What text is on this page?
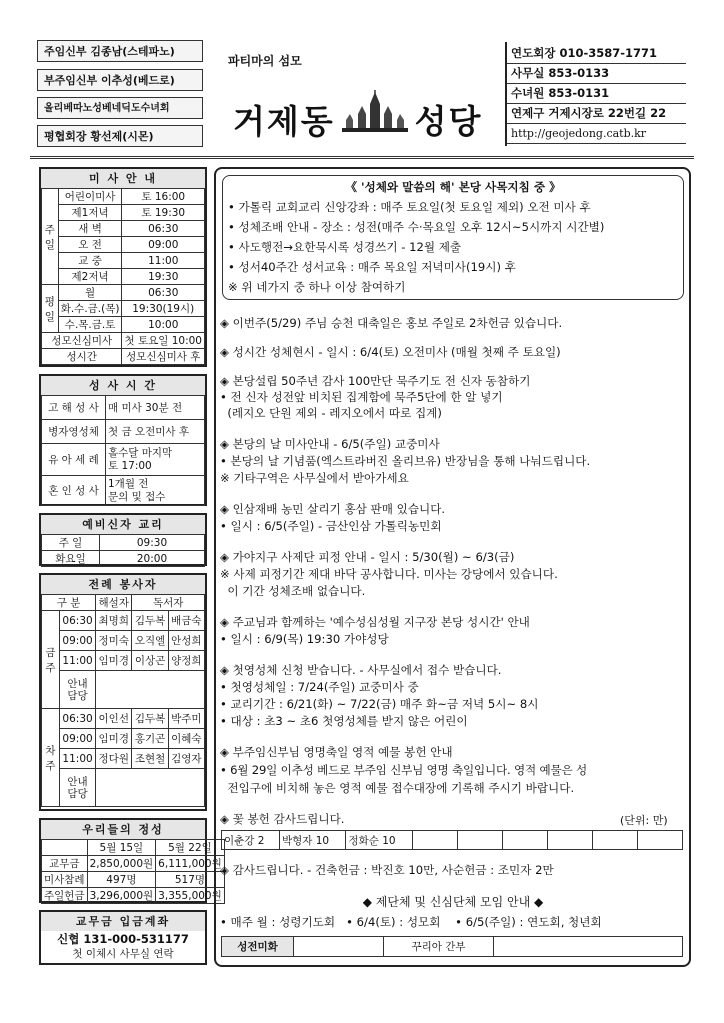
주임신부 김종남(스테파노)
부주임신부 이추성(베드로)
올리베따노성베네딕도수녀회
평협회장 황선제(시몬)
파티마의 섬모
거제동 성당
연도회장 010-3587-1771
사무실 853-0133
수녀원 853-0131
연제구 거제시장로 22번길 22
http://geojedong.catb.kr
미 사 안 내
주
일	어린이미사	토 16:00
	제1저녁	토 19:30
	새 벽	06:30
	오 전	09:00
	교 중	11:00
	제2저녁	19:30
평
일	월	06:30
	화.수.금.(목)	19:30(19시)
	수.목.금.토	10:00
성모신심미사		첫 토요일 10:00
성시간		성모신심미사 후
성 사 시 간
고 해 성 사	매 미사 30분 전
병자영성체	첫 금 오전미사 후
유 아 세 례	홀수달 마지막
토 17:00
혼 인 성 사	1개월 전
문의 및 접수
예비신자 교리
주 일	09:30
화요일	20:00
전례 봉사자
구 분		해설자	독서자	
금
주	06:30	최명희	김두복	배금숙
	09:00	정미숙	오직엘	안성희
	11:00	임미경	이상곤	양정희
	안내
담당			
차
주	06:30	이인선	김두복	박주미
	09:00	임미경	홍기곤	이혜숙
	11:00	정다원	조현철	김영자
	안내
담당			
우리들의 정성
	5월 15일	5월 22일
교무금	2,850,000원	6,111,000원
미사참례	497명	517명
주일헌금	3,296,000원	3,355,000원
교무금 입금계좌
신협 131-000-531177
첫 이체시 사무실 연락
《 '성체와 말씀의 해' 본당 사목지침 중 》
• 가톨릭 교회교리 신앙강좌 : 매주 토요일(첫 토요일 제외) 오전 미사 후
• 성체조배 안내 - 장소 : 성전(매주 수·목요일 오후 12시~5시까지 시간별)
• 사도행전→요한묵시록 성경쓰기 - 12월 제출
• 성서40주간 성서교육 : 매주 목요일 저녁미사(19시) 후
※ 위 네가지 중 하나 이상 참여하기
◈ 이번주(5/29) 주님 승천 대축일은 홍보 주일로 2차헌금 있습니다.
◈ 성시간 성체현시 - 일시 : 6/4(토) 오전미사 (매월 첫째 주 토요일)
◈ 본당설립 50주년 감사 100만단 묵주기도 전 신자 동참하기
• 전 신자 성전앞 비치된 집계함에 묵주5단에 한 알 넣기
(레지오 단원 제외 - 레지오에서 따로 집계)
◈ 본당의 날 미사안내 - 6/5(주일) 교중미사
• 본당의 날 기념품(엑스트라버진 올리브유) 반장님을 통해 나눠드립니다.
※ 기타구역은 사무실에서 받아가세요
◈ 인삼재배 농민 살리기 홍삼 판매 있습니다.
• 일시 : 6/5(주일) - 금산인삼 가톨릭농민회
◈ 가야지구 사제단 피정 안내 - 일시 : 5/30(월) ~ 6/3(금)
※ 사제 피정기간 제대 바닥 공사합니다. 미사는 강당에서 있습니다.
이 기간 성체조배 없습니다.
◈ 주교님과 함께하는 '예수성심성월 지구장 본당 성시간' 안내
• 일시 : 6/9(목) 19:30 가야성당
◈ 첫영성체 신청 받습니다. - 사무실에서 접수 받습니다.
• 첫영성체일 : 7/24(주일) 교중미사 중
• 교리기간 : 6/21(화) ~ 7/22(금) 매주 화~금 저녁 5시~ 8시
• 대상 : 초3 ~ 초6 첫영성체를 받지 않은 어린이
◈ 부주임신부님 영명축일 영적 예물 봉헌 안내
• 6월 29일 이추성 베드로 부주임 신부님 영명 축일입니다. 영적 예물은 성
전입구에 비치해 놓은 영적 예물 접수대장에 기록해 주시기 바랍니다.
◈ 꽃 봉헌 감사드립니다.	(단위: 만)
이춘강 2	박형자 10	정화순 10						
◈ 감사드립니다. - 건축헌금 : 박진호 10만, 사순헌금 : 조민자 2만
◆ 제단체 및 신심단체 모임 안내 ◆
• 매주 월 : 성령기도회   • 6/4(토) : 성모회    • 6/5(주일) : 연도회, 청년회
성전미화		꾸리아 간부	
